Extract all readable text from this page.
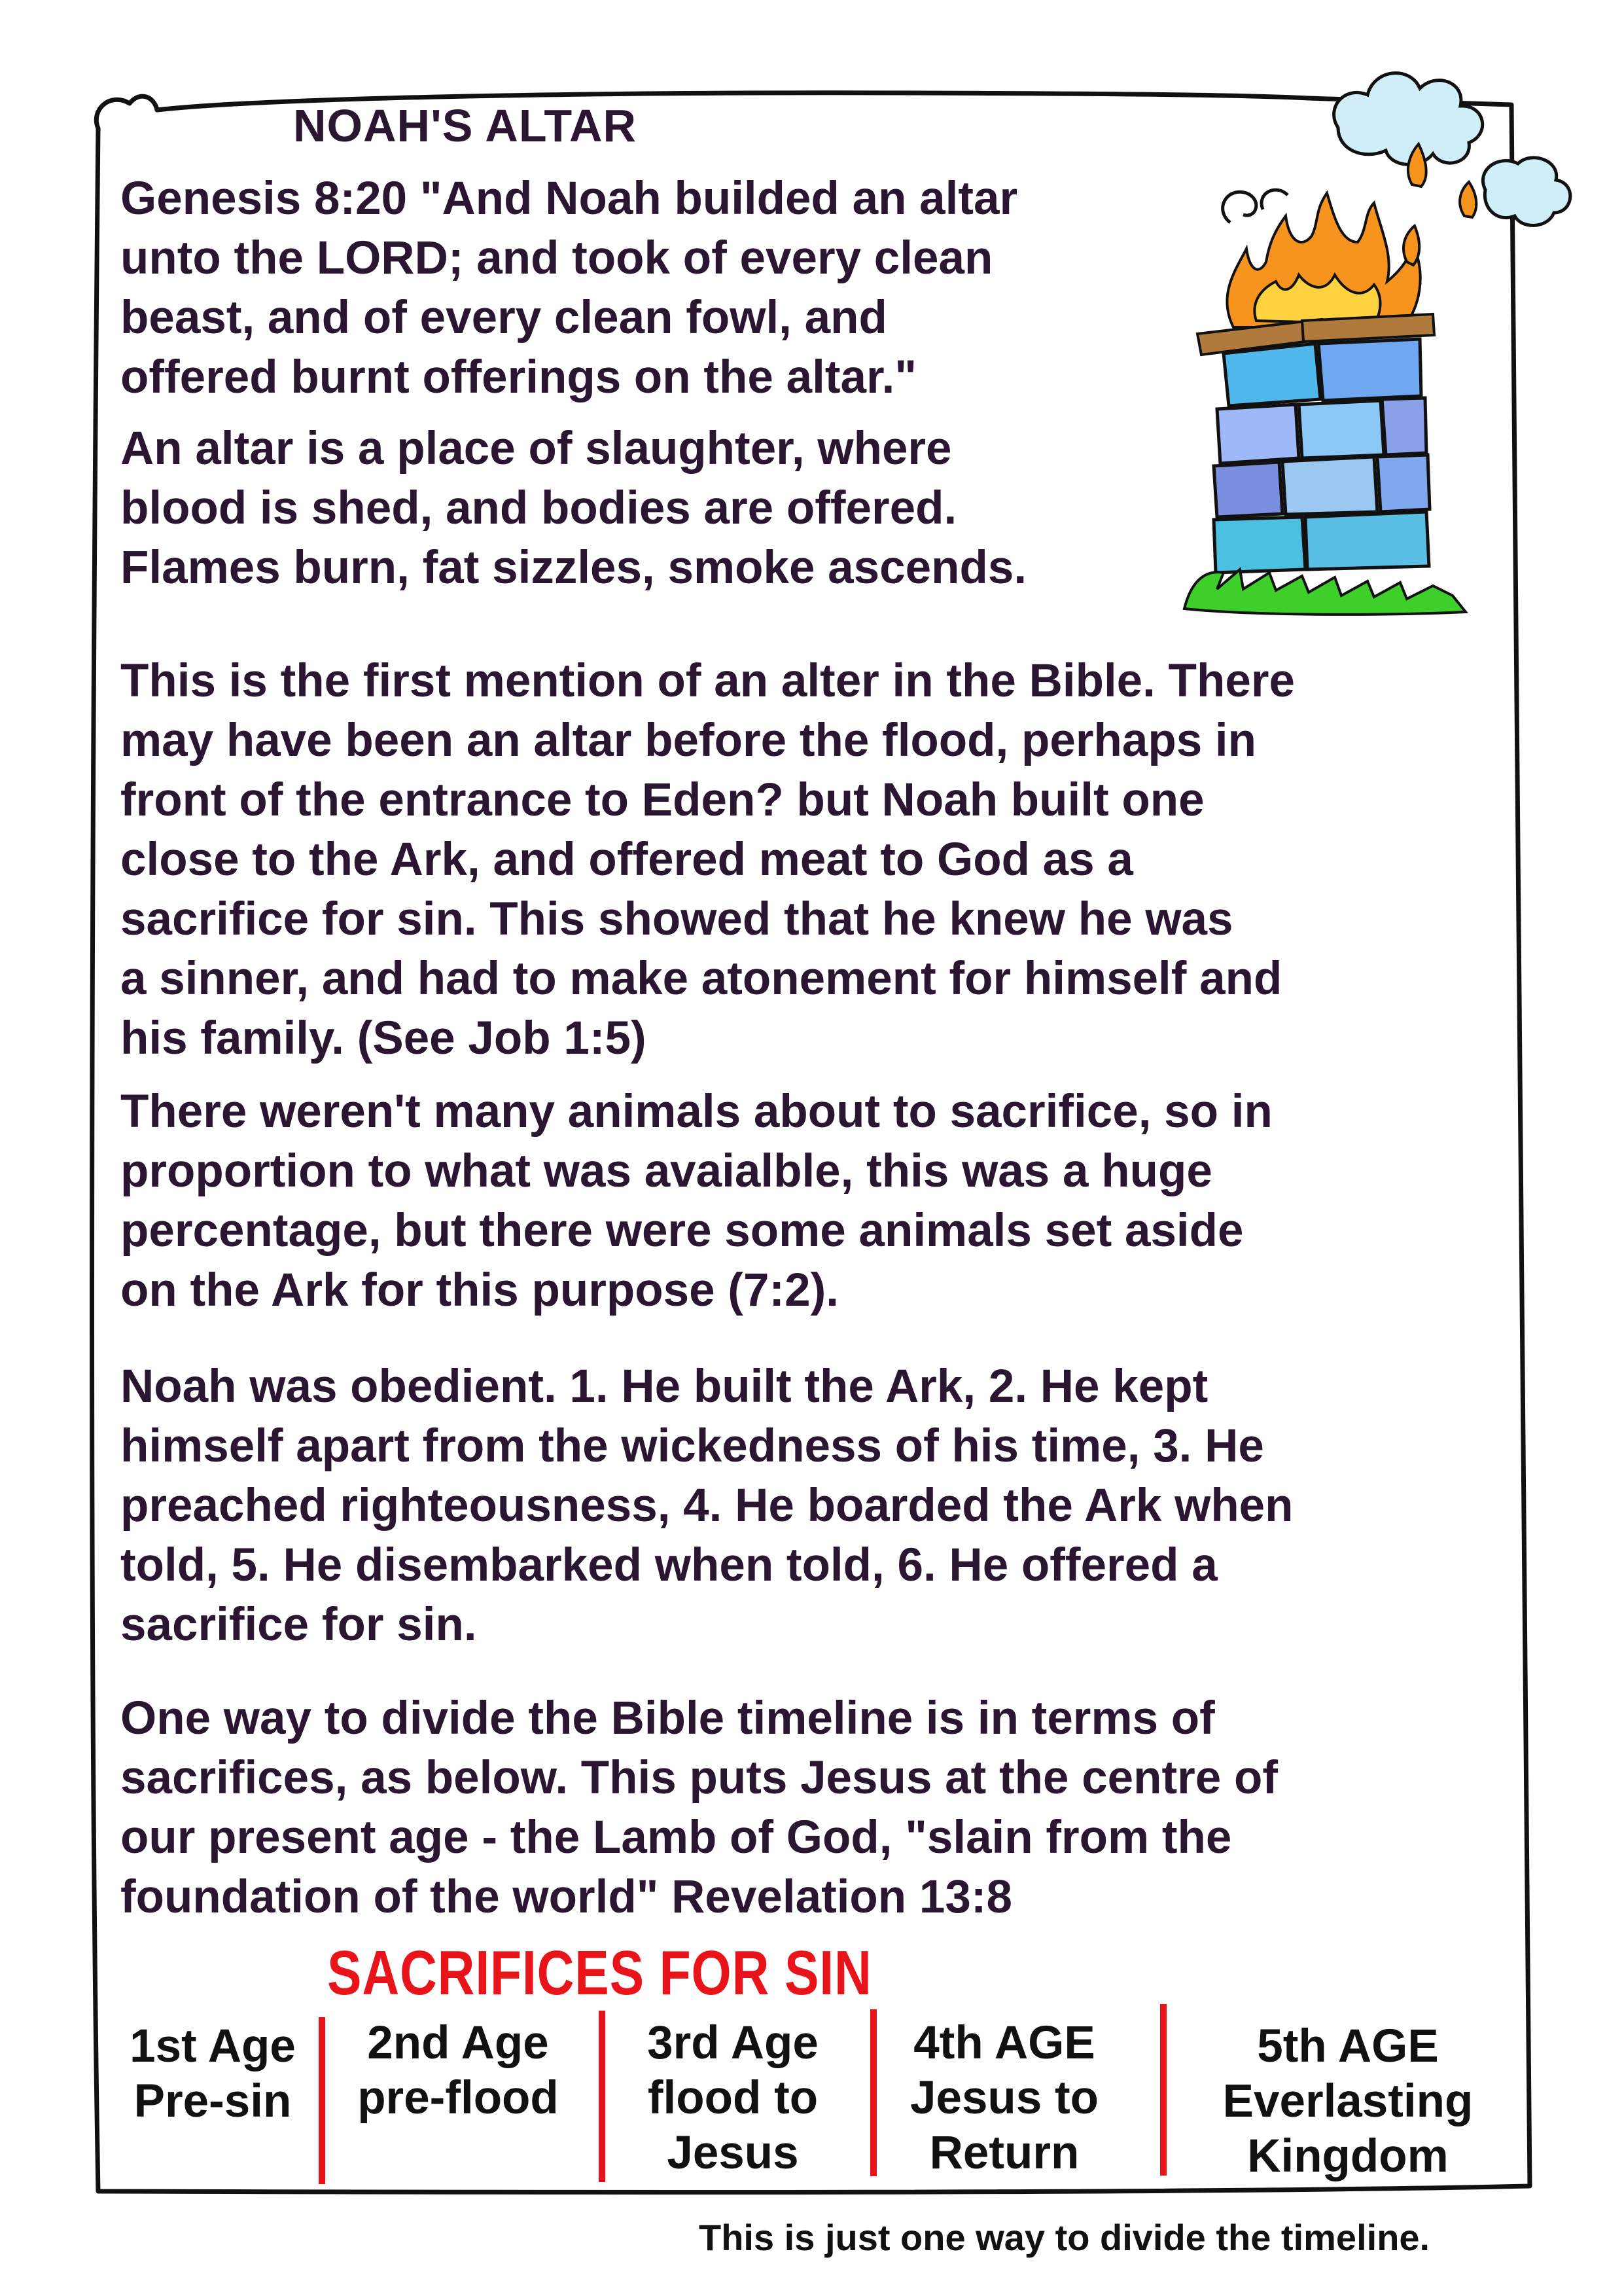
NOAH'S ALTAR
Genesis 8:20 "And Noah builded an altar
unto the LORD; and took of every clean
beast, and of every clean fowl, and
offered burnt offerings on the altar."
An altar is a place of slaughter, where
blood is shed, and bodies are offered.
Flames burn, fat sizzles, smoke ascends.
This is the first mention of an alter in the Bible. There
may have been an altar before the flood, perhaps in
front of the entrance to Eden? but Noah built one
close to the Ark, and offered meat to God as a
sacrifice for sin. This showed that he knew he was
a sinner, and had to make atonement for himself and
his family. (See Job 1:5)
There weren't many animals about to sacrifice, so in
proportion to what was avaialble, this was a huge
percentage, but there were some animals set aside
on the Ark for this purpose (7:2).
Noah was obedient. 1. He built the Ark, 2. He kept
himself apart from the wickedness of his time, 3. He
preached righteousness, 4. He boarded the Ark when
told, 5. He disembarked when told, 6. He offered a
sacrifice for sin.
One way to divide the Bible timeline is in terms of
sacrifices, as below. This puts Jesus at the centre of
our present age - the Lamb of God, "slain from the
foundation of the world" Revelation 13:8
SACRIFICES FOR SIN
1st Age
Pre-sin
2nd Age
pre-flood
3rd Age
flood to
Jesus
4th AGE
Jesus to
Return
5th AGE
Everlasting
Kingdom
This is just one way to divide the timeline.
